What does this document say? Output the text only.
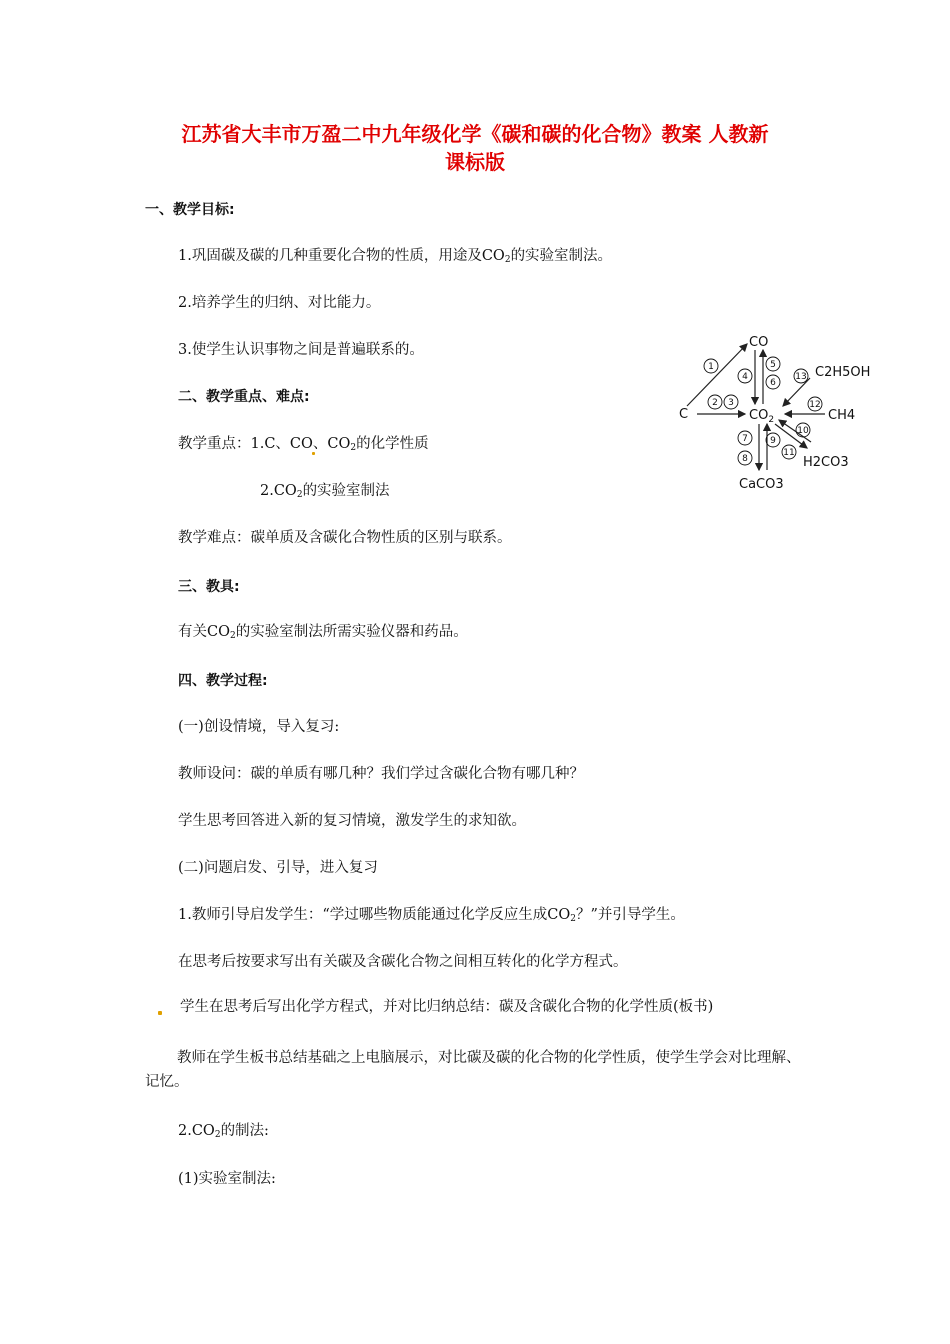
江苏省大丰市万盈二中九年级化学《碳和碳的化合物》教案 人教新
课标版
一、教学目标:
1.巩固碳及碳的几种重要化合物的性质，用途及$CO_2$的实验室制法。
2.培养学生的归纳、对比能力。
3.使学生认识事物之间是普遍联系的。
二、教学重点、难点:
教学重点：1.C、CO、$CO_2$的化学性质
$2.CO_2$的实验室制法
教学难点：碳单质及含碳化合物性质的区别与联系。
三、教具:
有关$CO_2$的实验室制法所需实验仪器和药品。
四、教学过程:
(一)创设情境，导入复习:
教师设问：碳的单质有哪几种？我们学过含碳化合物有哪几种？
学生思考回答进入新的复习情境，激发学生的求知欲。
(二)问题启发、引导，进入复习
1.教师引导启发学生：“学过哪些物质能通过化学反应生成$CO_2$？”并引导学生。
在思考后按要求写出有关碳及含碳化合物之间相互转化的化学方程式。
学生在思考后写出化学方程式，并对比归纳总结：碳及含碳化合物的化学性质(板书)
教师在学生板书总结基础之上电脑展示，对比碳及碳的化合物的化学性质，使学生学会对比理解、记忆。
$2.CO_2$的制法:
(1)实验室制法:
CO
C	$CO_2$
C2H5OH
CH4
H2CO3
CaCO3
1
2 3
4
5
6
7
8
9
10
11
12
13
